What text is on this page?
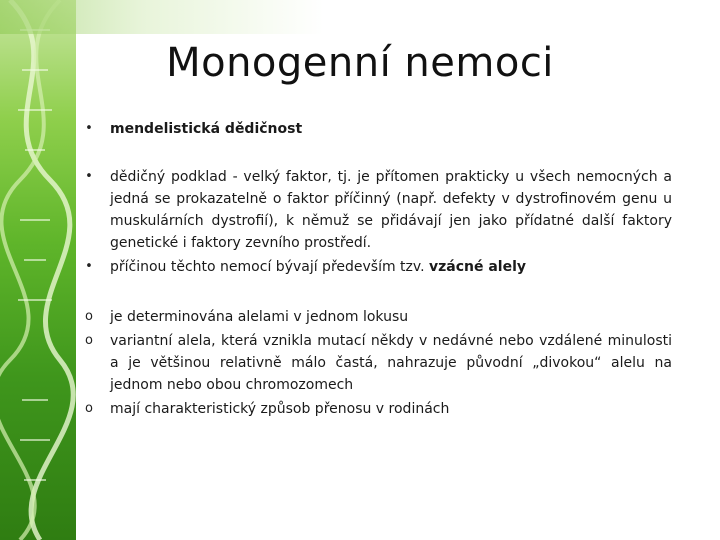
Monogenní nemoci
• mendelistická dědičnost
• dědičný podklad - velký faktor, tj. je přítomen prakticky u všech nemocných a jedná se prokazatelně o faktor příčinný (např. defekty v dystrofinovém genu u muskulárních dystrofií), k němuž se přidávají jen jako přídatné další faktory genetické i faktory zevního prostředí.
• příčinou těchto nemocí bývají především tzv. vzácné alely
o je determinována alelami v jednom lokusu
o variantní alela, která vznikla mutací někdy v nedávné nebo vzdálené minulosti a je většinou relativně málo častá, nahrazuje původní „divokou“ alelu na jednom nebo obou chromozomech
o mají charakteristický způsob přenosu v rodinách
